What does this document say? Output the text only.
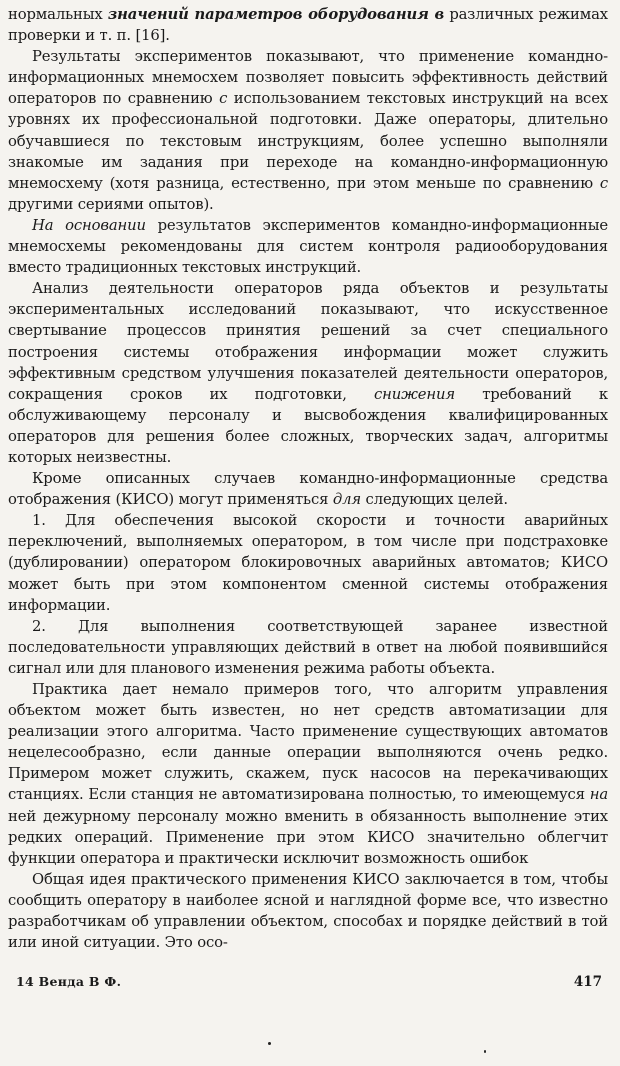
нормальных значений параметров оборудования в различных режимах проверки и т. п. [16].

Результаты экспериментов показывают, что применение командно-информационных мнемосхем позволяет повысить эффективность действий операторов по сравнению с использованием текстовых инструкций на всех уровнях их профессиональной подготовки. Даже операторы, длительно обучавшиеся по текстовым инструкциям, более успешно выполняли знакомые им задания при переходе на командно-информационную мнемосхему (хотя разница, естественно, при этом меньше по сравнению с другими сериями опытов).

На основании результатов экспериментов командно-информационные мнемосхемы рекомендованы для систем контроля радиооборудования вместо традиционных текстовых инструкций.

Анализ деятельности операторов ряда объектов и результаты экспериментальных исследований показывают, что искусственное свертывание процессов принятия решений за счет специального построения системы отображения информации может служить эффективным средством улучшения показателей деятельности операторов, сокращения сроков их подготовки, снижения требований к обслуживающему персоналу и высвобождения квалифицированных операторов для решения более сложных, творческих задач, алгоритмы которых неизвестны.

Кроме описанных случаев командно-информационные средства отображения (КИСО) могут применяться для следующих целей.

1. Для обеспечения высокой скорости и точности аварийных переключений, выполняемых оператором, в том числе при подстраховке (дублировании) оператором блокировочных аварийных автоматов; КИСО может быть при этом компонентом сменной системы отображения информации.

2. Для выполнения соответствующей заранее известной последовательности управляющих действий в ответ на любой появившийся сигнал или для планового изменения режима работы объекта.

Практика дает немало примеров того, что алгоритм управления объектом может быть известен, но нет средств автоматизации для реализации этого алгоритма. Часто применение существующих автоматов нецелесообразно, если данные операции выполняются очень редко. Примером может служить, скажем, пуск насосов на перекачивающих станциях. Если станция не автоматизирована полностью, то имеющемуся на ней дежурному персоналу можно вменить в обязанность выполнение этих редких операций. Применение при этом КИСО значительно облегчит функции оператора и практически исключит возможность ошибок

Общая идея практического применения КИСО заключается в том, чтобы сообщить оператору в наиболее ясной и наглядной форме все, что известно разработчикам об управлении объектом, способах и порядке действий в той или иной ситуации. Это осо-

14 Венда В Ф.	417
